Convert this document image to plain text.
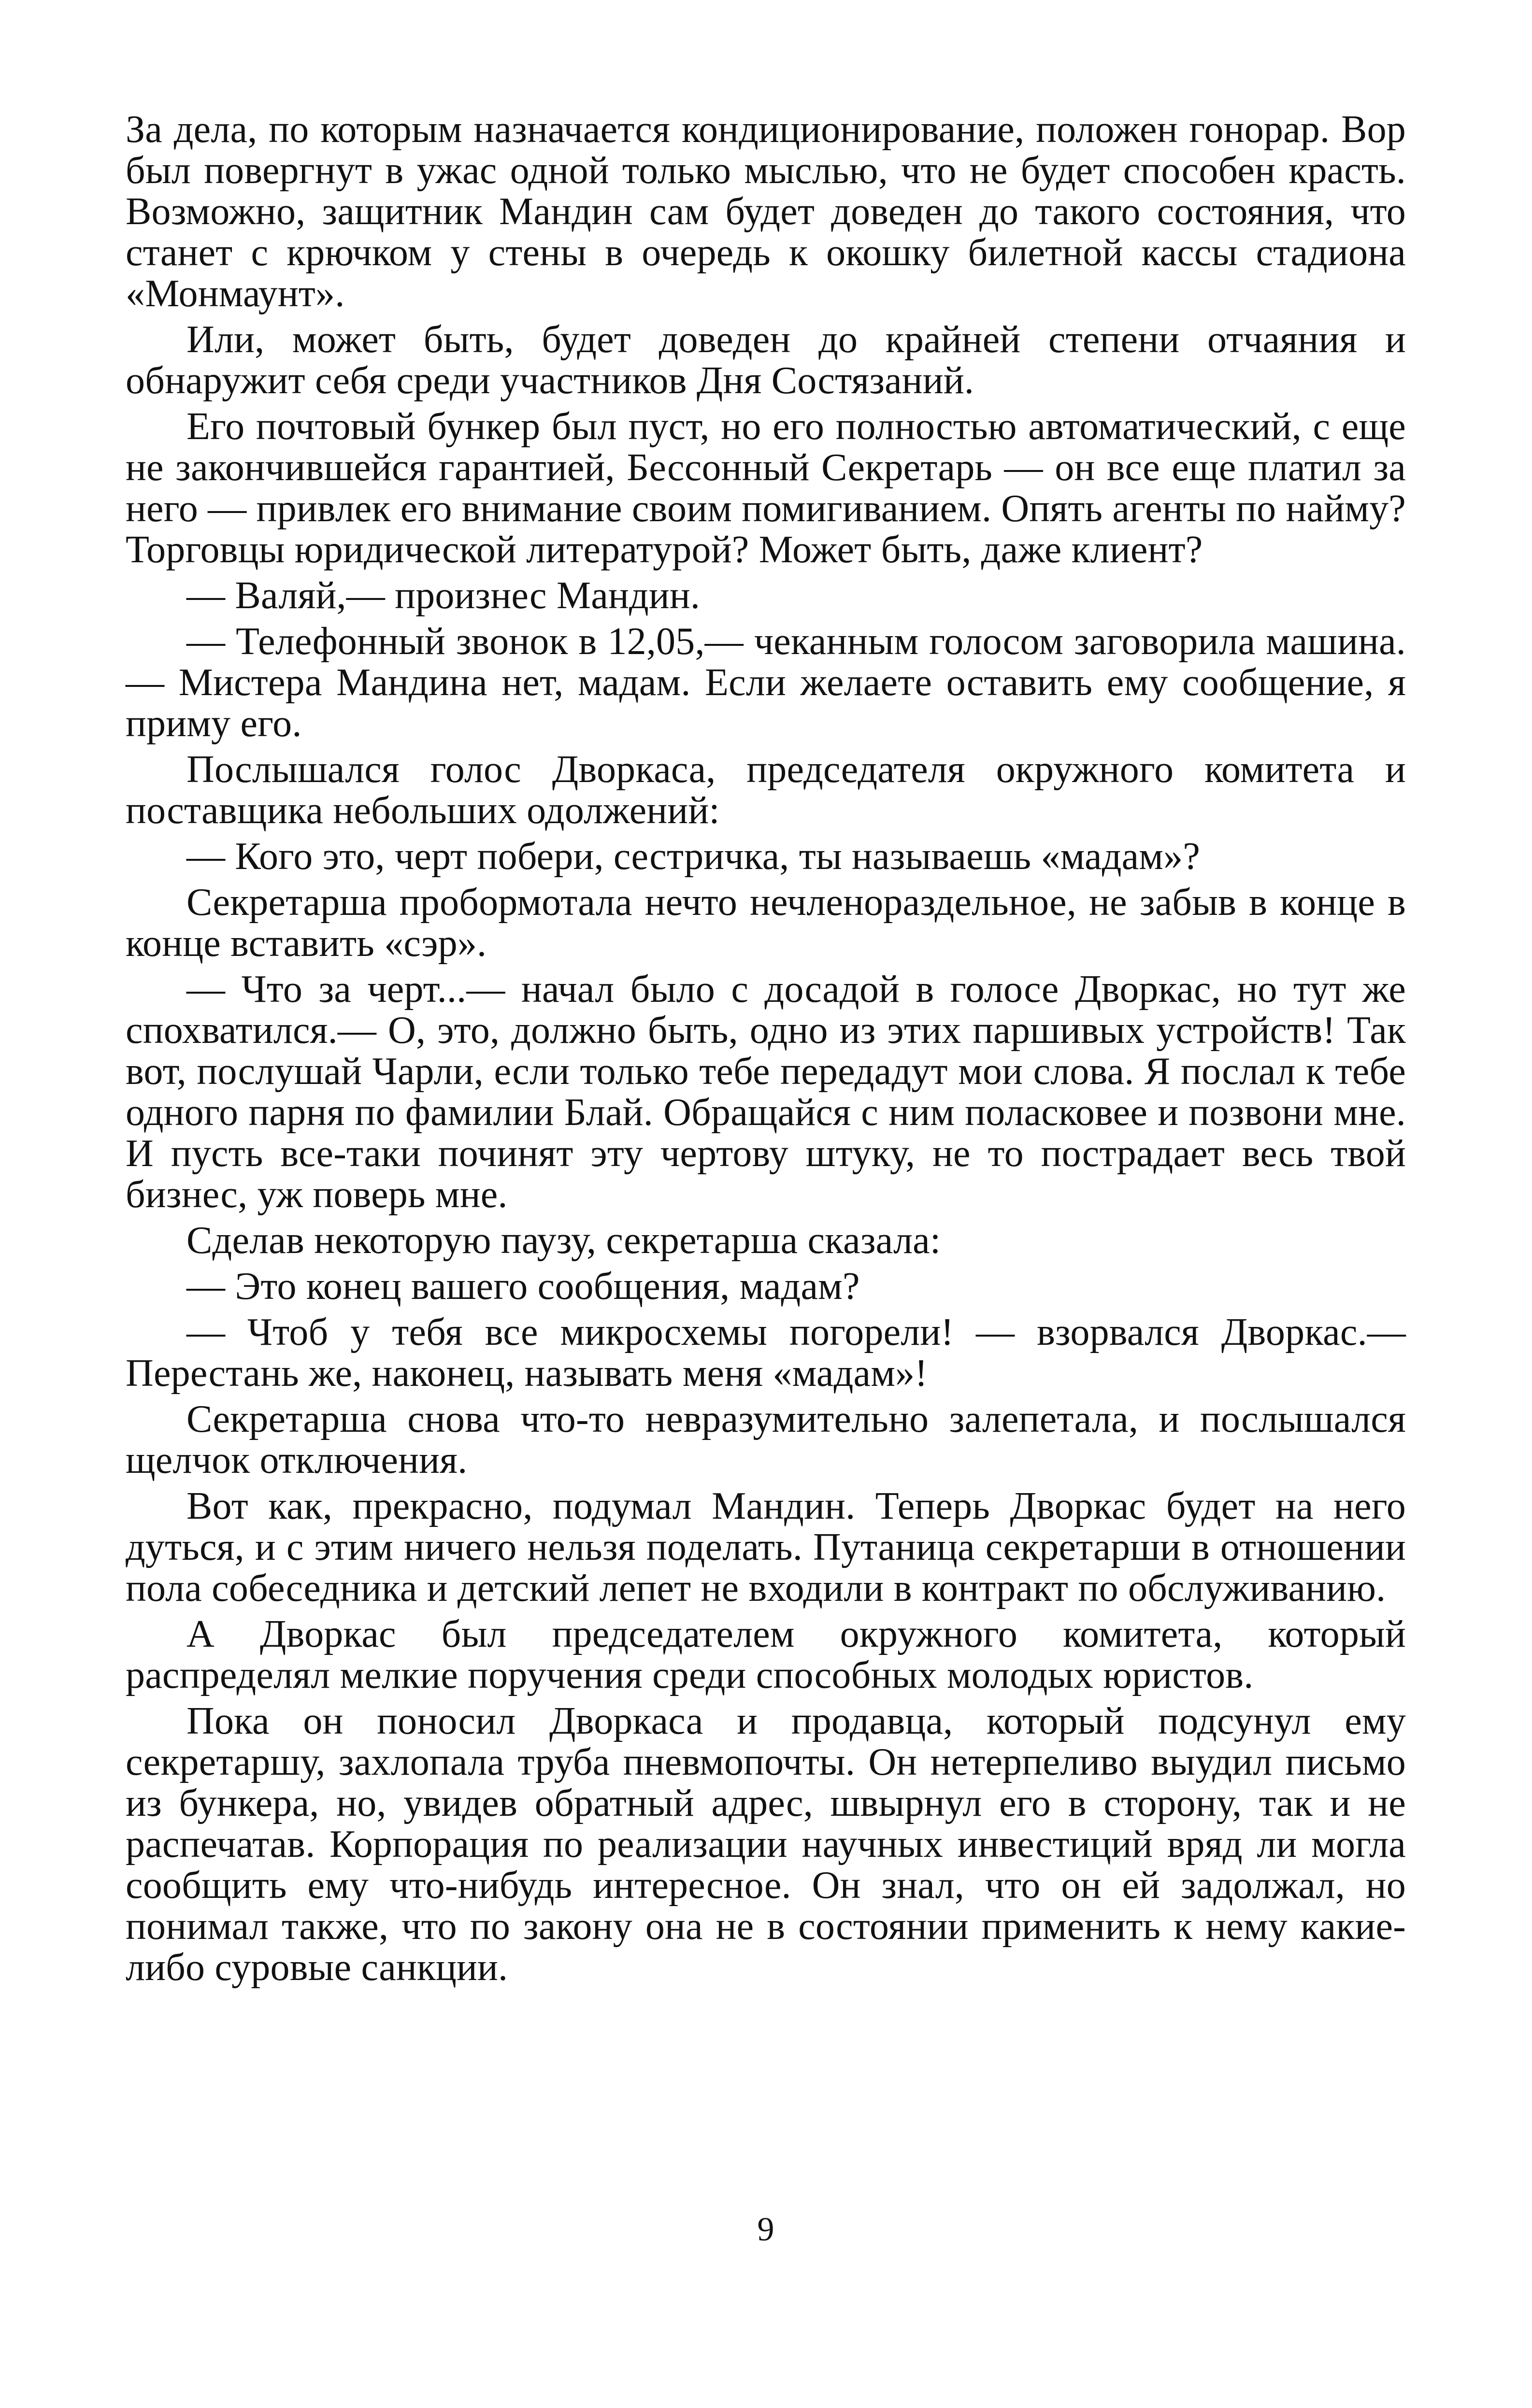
За дела, по которым назначается кондиционирование, положен гонорар. Вор был повергнут в ужас одной только мыслью, что не будет способен красть. Возможно, защитник Мандин сам будет доведен до такого состояния, что станет с крючком у стены в очередь к окошку билетной кассы стадиона «Монмаунт».

Или, может быть, будет доведен до крайней степени отчаяния и обнаружит себя среди участников Дня Состязаний.

Его почтовый бункер был пуст, но его полностью автоматический, с еще не закончившейся гарантией, Бессонный Секретарь — он все еще платил за него — привлек его внимание своим помигиванием. Опять агенты по найму? Торговцы юридической литературой? Может быть, даже клиент?

— Валяй,— произнес Мандин.

— Телефонный звонок в 12,05,— чеканным голосом заговорила машина.— Мистера Мандина нет, мадам. Если желаете оставить ему сообщение, я приму его.

Послышался голос Дворкаса, председателя окружного комитета и поставщика небольших одолжений:

— Кого это, черт побери, сестричка, ты называешь «мадам»?

Секретарша пробормотала нечто нечленораздельное, не забыв в конце в конце вставить «сэр».

— Что за черт...— начал было с досадой в голосе Дворкас, но тут же спохватился.— О, это, должно быть, одно из этих паршивых устройств! Так вот, послушай Чарли, если только тебе передадут мои слова. Я послал к тебе одного парня по фамилии Блай. Обращайся с ним поласковее и позвони мне. И пусть все-таки починят эту чертову штуку, не то пострадает весь твой бизнес, уж поверь мне.

Сделав некоторую паузу, секретарша сказала:

— Это конец вашего сообщения, мадам?

— Чтоб у тебя все микросхемы погорели! — взорвался Дворкас.— Перестань же, наконец, называть меня «мадам»!

Секретарша снова что-то невразумительно залепетала, и послышался щелчок отключения.

Вот как, прекрасно, подумал Мандин. Теперь Дворкас будет на него дуться, и с этим ничего нельзя поделать. Путаница секретарши в отношении пола собеседника и детский лепет не входили в контракт по обслуживанию.

А Дворкас был председателем окружного комитета, который распределял мелкие поручения среди способных молодых юристов.

Пока он поносил Дворкаса и продавца, который подсунул ему секретаршу, захлопала труба пневмопочты. Он нетерпеливо выудил письмо из бункера, но, увидев обратный адрес, швырнул его в сторону, так и не распечатав. Корпорация по реализации научных инвестиций вряд ли могла сообщить ему что-нибудь интересное. Он знал, что он ей задолжал, но понимал также, что по закону она не в состоянии применить к нему какие-либо суровые санкции.

9
